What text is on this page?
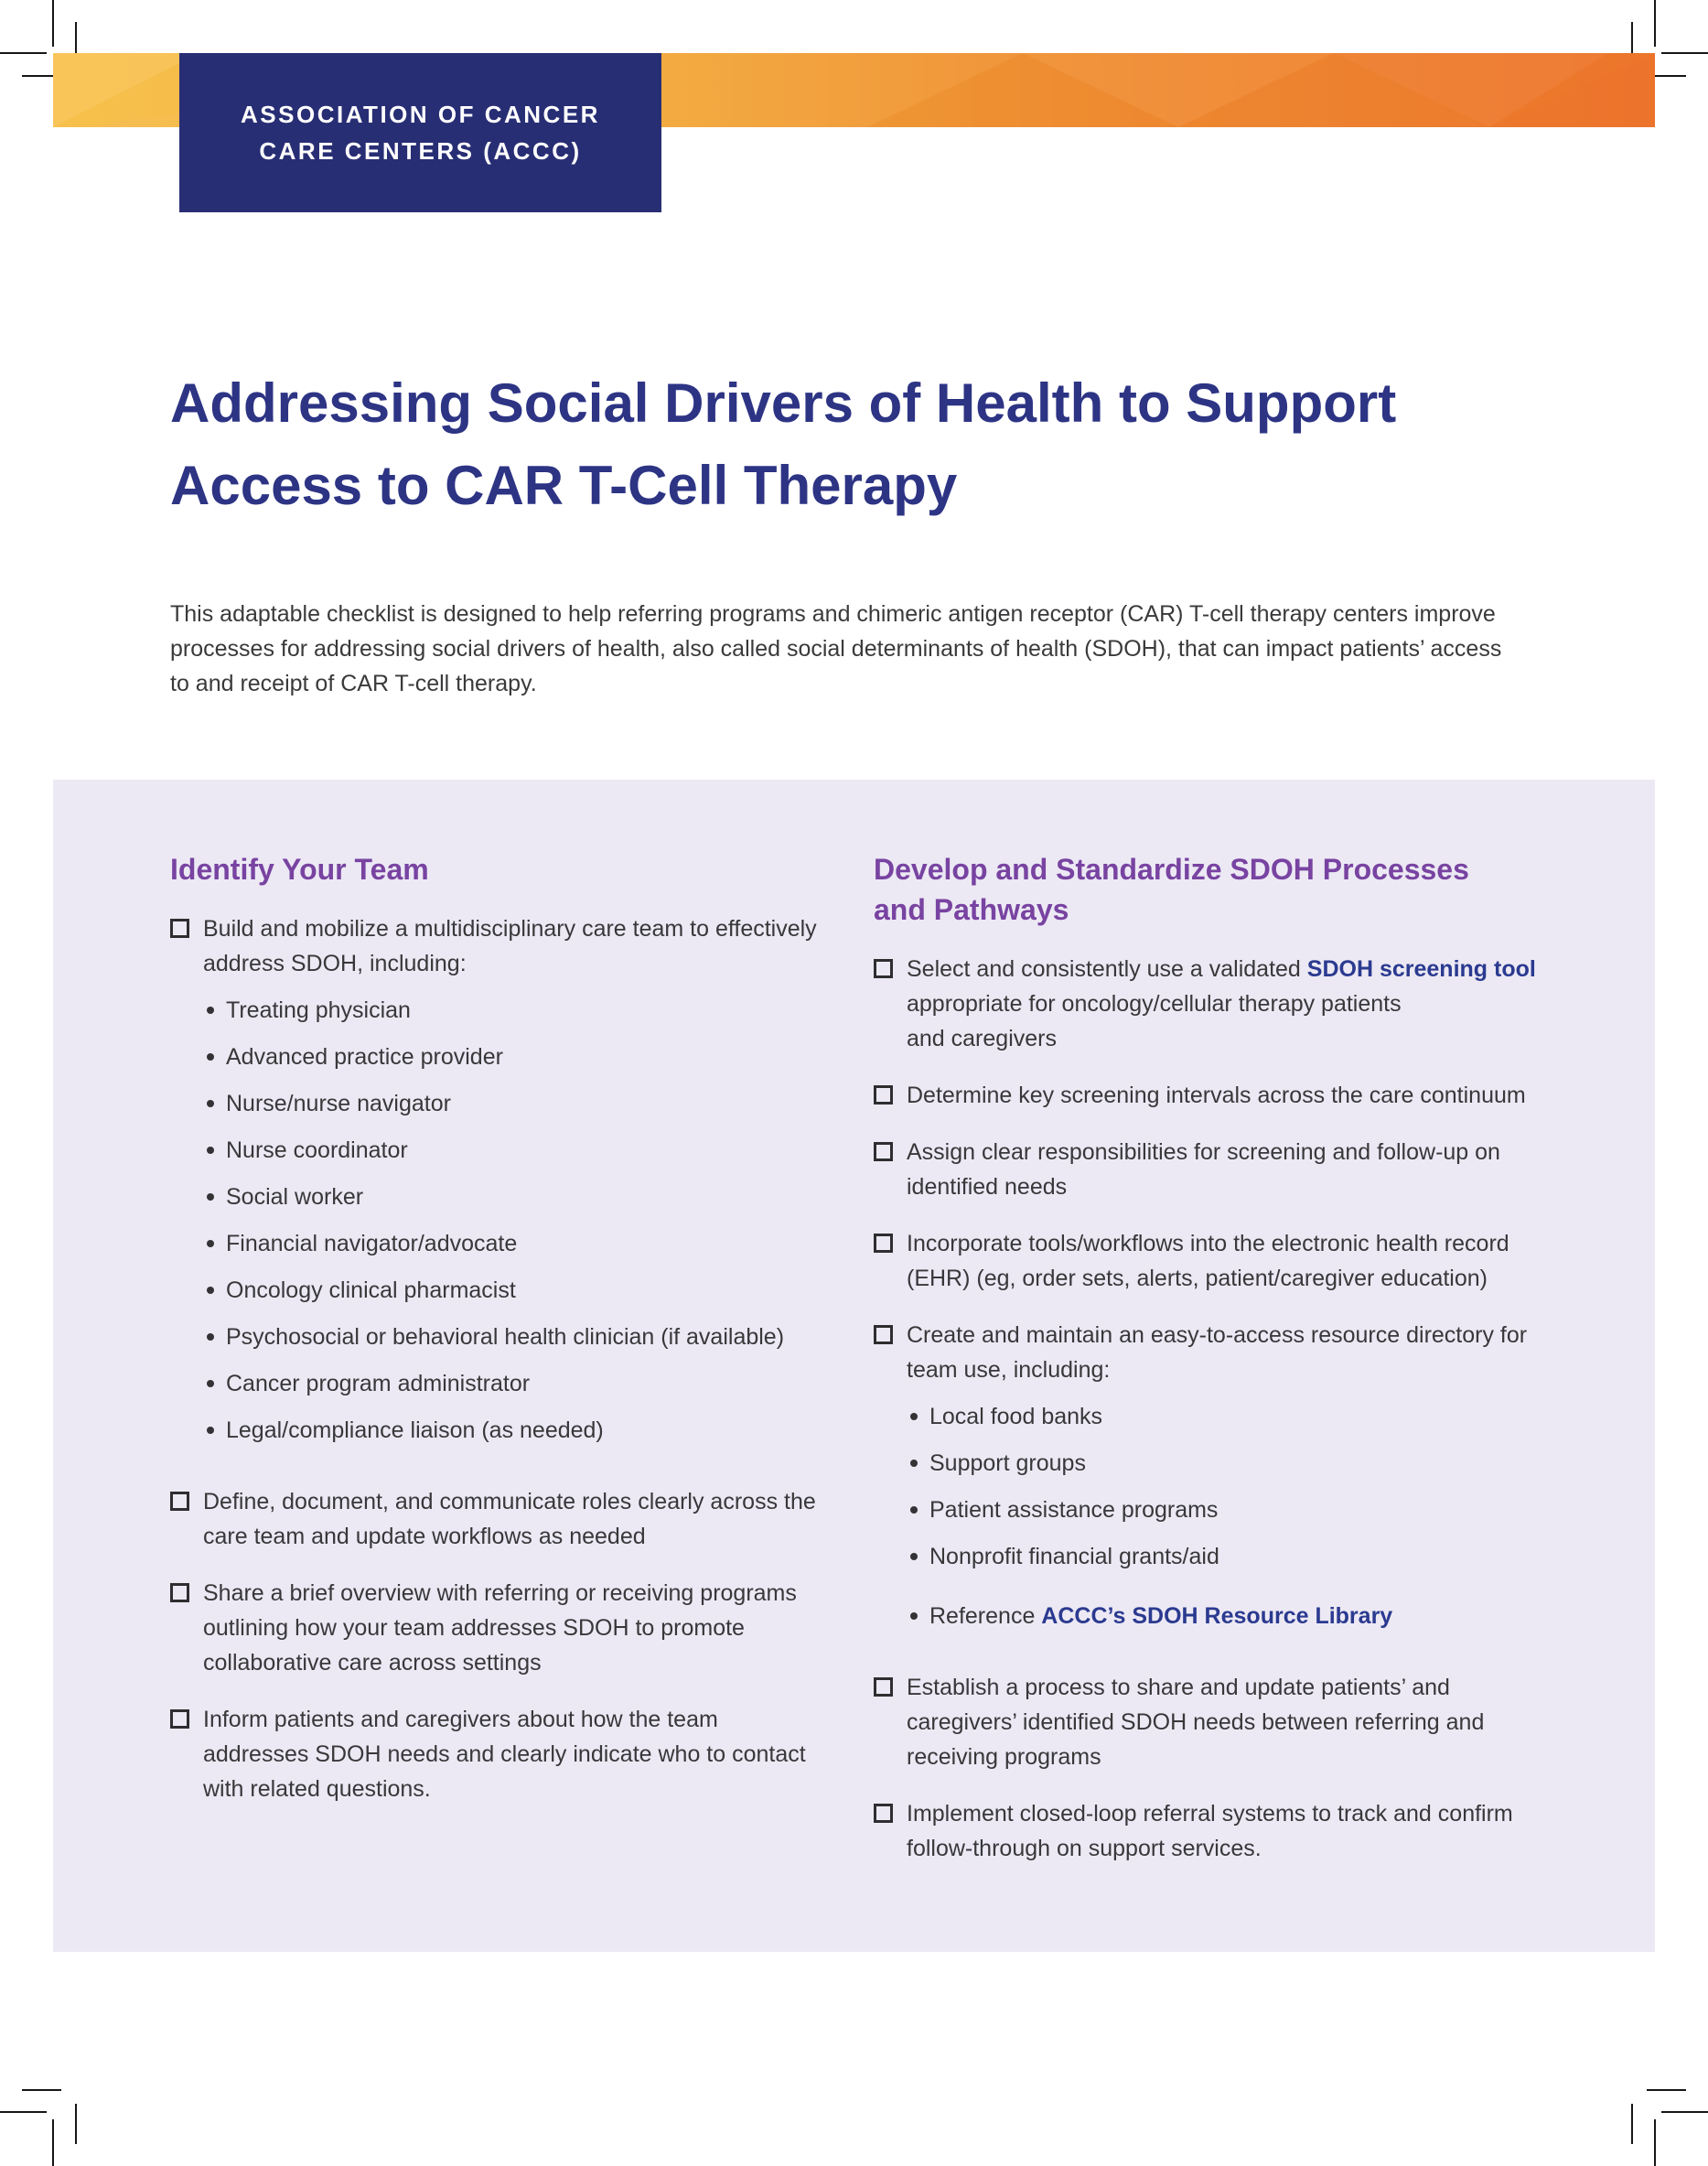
ASSOCIATION OF CANCER
CARE CENTERS (ACCC)
Addressing Social Drivers of Health to Support
Access to CAR T-Cell Therapy

This adaptable checklist is designed to help referring programs and chimeric antigen receptor (CAR) T-cell therapy centers improve
processes for addressing social drivers of health, also called social determinants of health (SDOH), that can impact patients’ access
to and receipt of CAR T-cell therapy.

Identify Your Team
Build and mobilize a multidisciplinary care team to effectively
address SDOH, including:
Treating physician
Advanced practice provider
Nurse/nurse navigator
Nurse coordinator
Social worker
Financial navigator/advocate
Oncology clinical pharmacist
Psychosocial or behavioral health clinician (if available)
Cancer program administrator
Legal/compliance liaison (as needed)
Define, document, and communicate roles clearly across the
care team and update workflows as needed
Share a brief overview with referring or receiving programs
outlining how your team addresses SDOH to promote
collaborative care across settings
Inform patients and caregivers about how the team
addresses SDOH needs and clearly indicate who to contact
with related questions.
Develop and Standardize SDOH Processes
and Pathways
Select and consistently use a validated SDOH screening tool
appropriate for oncology/cellular therapy patients
and caregivers
Determine key screening intervals across the care continuum
Assign clear responsibilities for screening and follow-up on
identified needs
Incorporate tools/workflows into the electronic health record
(EHR) (eg, order sets, alerts, patient/caregiver education)
Create and maintain an easy-to-access resource directory for
team use, including:
Local food banks
Support groups
Patient assistance programs
Nonprofit financial grants/aid
Reference ACCC’s SDOH Resource Library
Establish a process to share and update patients’ and
caregivers’ identified SDOH needs between referring and
receiving programs
Implement closed-loop referral systems to track and confirm
follow-through on support services.
